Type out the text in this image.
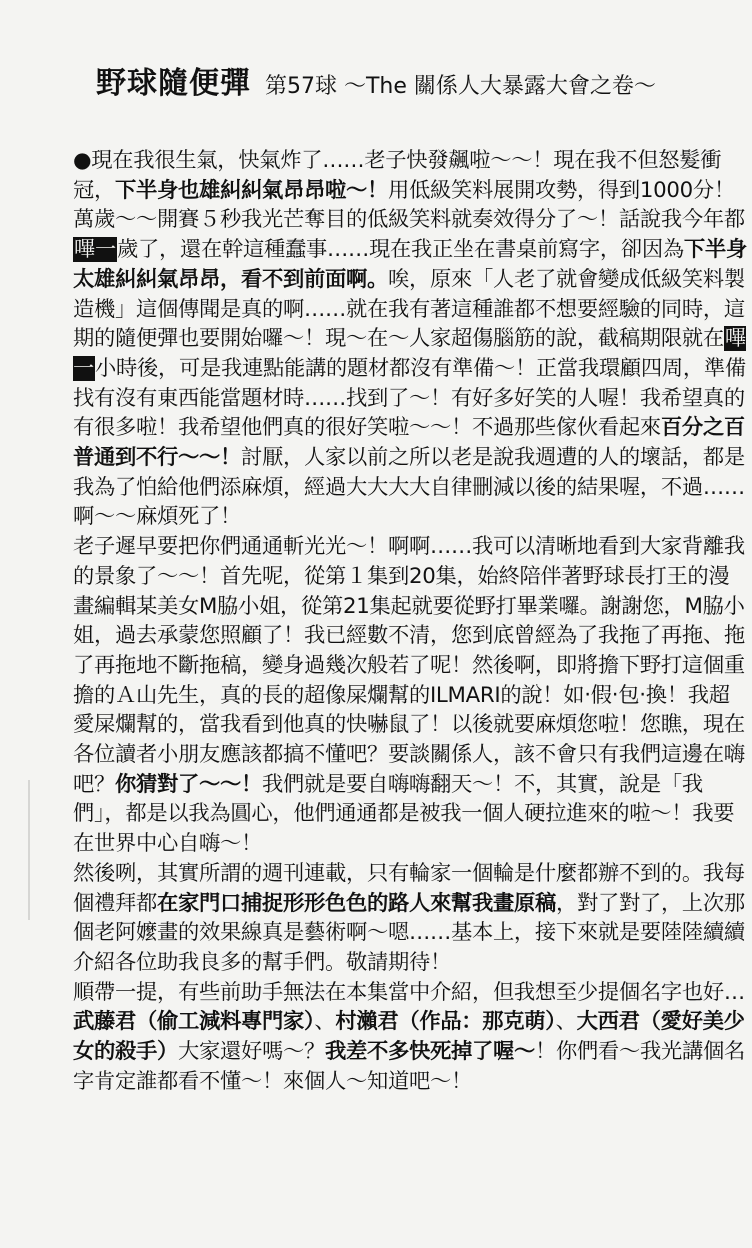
野球隨便彈 第57球 ～The 關係人大暴露大會之卷～

●現在我很生氣，快氣炸了……老子快發飆啦～～！現在我不但怒髮衝冠，下半身也雄糾糾氣昂昂啦～！用低級笑料展開攻勢，得到1000分！萬歲～～開賽５秒我光芒奪目的低級笑料就奏效得分了～！話說我今年都嗶一歲了，還在幹這種蠢事……現在我正坐在書桌前寫字，卻因為下半身太雄糾糾氣昂昂，看不到前面啊。唉，原來「人老了就會變成低級笑料製造機」這個傳聞是真的啊……就在我有著這種誰都不想要經驗的同時，這期的隨便彈也要開始囉～！現～在～人家超傷腦筋的說，截稿期限就在嗶一小時後，可是我連點能講的題材都沒有準備～！正當我環顧四周，準備找有沒有東西能當題材時……找到了～！有好多好笑的人喔！我希望真的有很多啦！我希望他們真的很好笑啦～～！不過那些傢伙看起來百分之百普通到不行～～！討厭，人家以前之所以老是說我週遭的人的壞話，都是我為了怕給他們添麻煩，經過大大大大自律刪減以後的結果喔，不過……啊～～麻煩死了！

老子遲早要把你們通通斬光光～！啊啊……我可以清晰地看到大家背離我的景象了～～！首先呢，從第１集到20集，始終陪伴著野球長打王的漫畫編輯某美女M脇小姐，從第21集起就要從野打畢業囉。謝謝您，M脇小姐，過去承蒙您照顧了！我已經數不清，您到底曾經為了我拖了再拖、拖了再拖地不斷拖稿，變身過幾次般若了呢！然後啊，即將擔下野打這個重擔的Ａ山先生，真的長的超像屎爛幫的ILMARI的說！如‧假‧包‧換！我超愛屎爛幫的，當我看到他真的快嚇鼠了！以後就要麻煩您啦！您瞧，現在各位讀者小朋友應該都搞不懂吧？要談關係人，該不會只有我們這邊在嗨吧？你猜對了～～！我們就是要自嗨嗨翻天～！不，其實，說是「我們」，都是以我為圓心，他們通通都是被我一個人硬拉進來的啦～！我要在世界中心自嗨～！

然後咧，其實所謂的週刊連載，只有輪家一個輪是什麼都辦不到的。我每個禮拜都在家門口捕捉形形色色的路人來幫我畫原稿，對了對了，上次那個老阿嬤畫的效果線真是藝術啊～嗯……基本上，接下來就是要陸陸續續介紹各位助我良多的幫手們。敬請期待！

順帶一提，有些前助手無法在本集當中介紹，但我想至少提個名字也好…武藤君（偷工減料專門家）、村瀨君（作品：那克萌）、大西君（愛好美少女的殺手）大家還好嗎～？我差不多快死掉了喔～！你們看～我光講個名字肯定誰都看不懂～！來個人～知道吧～！
